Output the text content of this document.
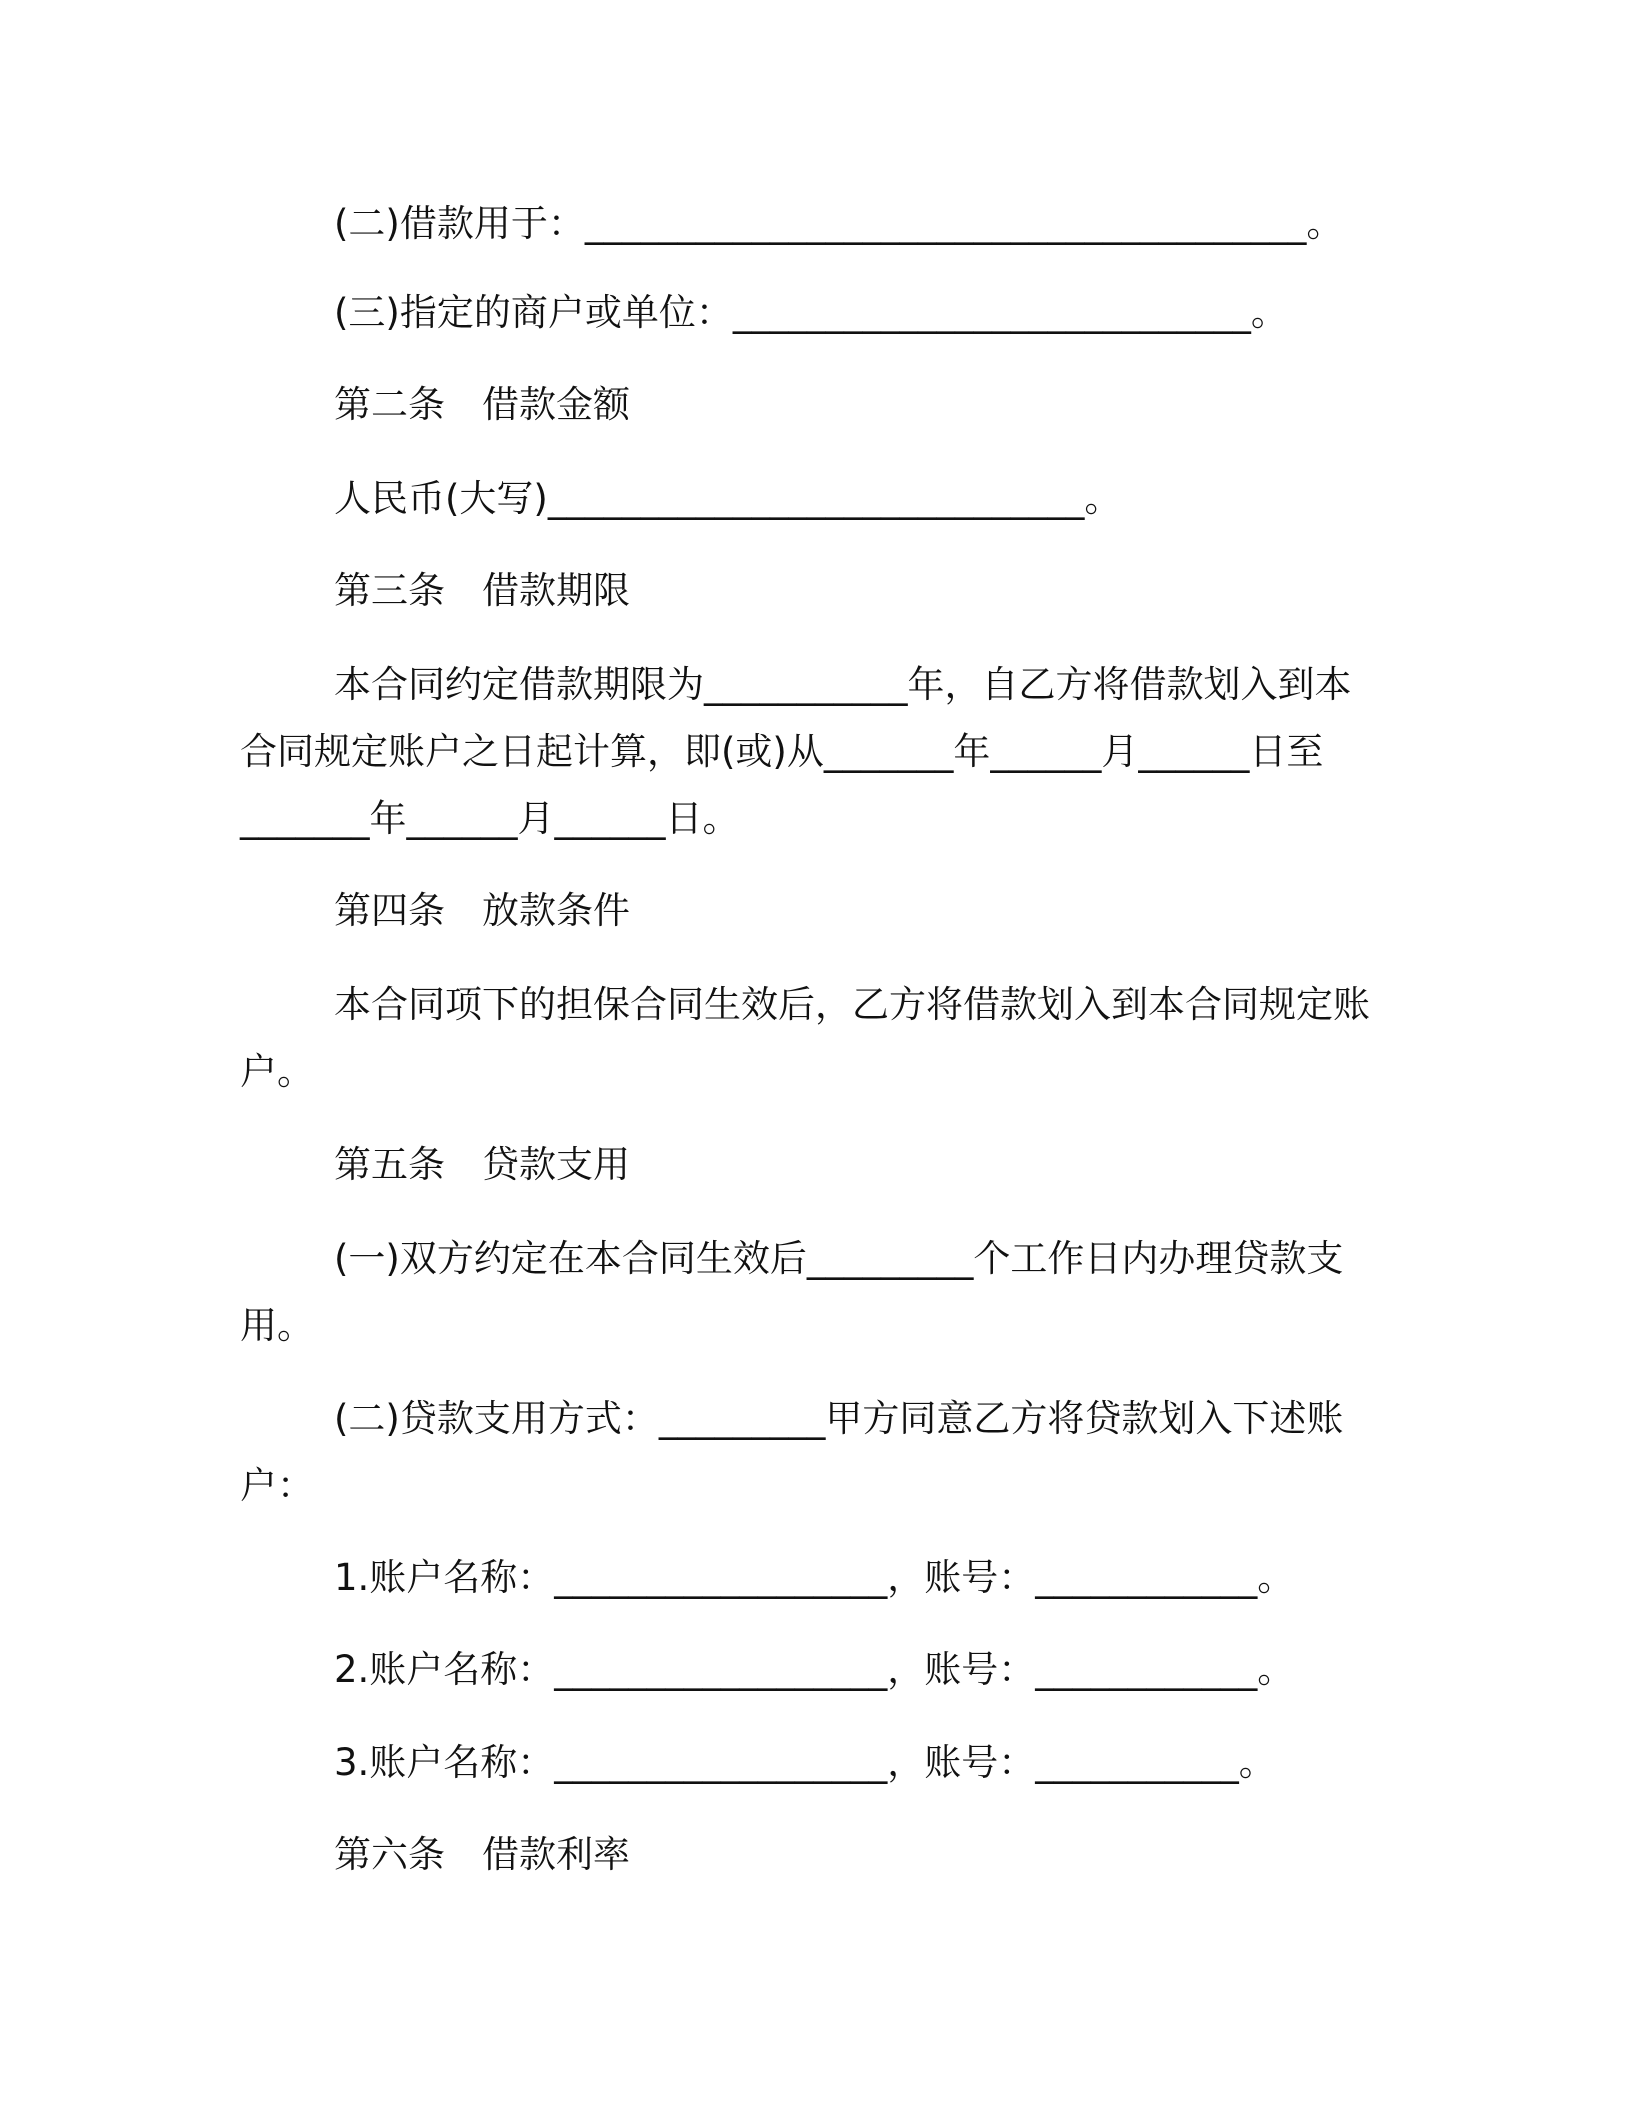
(二)借款用于：_______________________________________。
(三)指定的商户或单位：____________________________。
第二条　借款金额
人民币(大写)_____________________________。
第三条　借款期限
本合同约定借款期限为___________年，自乙方将借款划入到本
合同规定账户之日起计算，即(或)从_______年______月______日至
_______年______月______日。
第四条　放款条件
本合同项下的担保合同生效后，乙方将借款划入到本合同规定账
户。
第五条　贷款支用
(一)双方约定在本合同生效后_________个工作日内办理贷款支
用。
(二)贷款支用方式：_________甲方同意乙方将贷款划入下述账
户：
1.账户名称：__________________，账号：____________。
2.账户名称：__________________，账号：____________。
3.账户名称：__________________，账号：___________。
第六条　借款利率
